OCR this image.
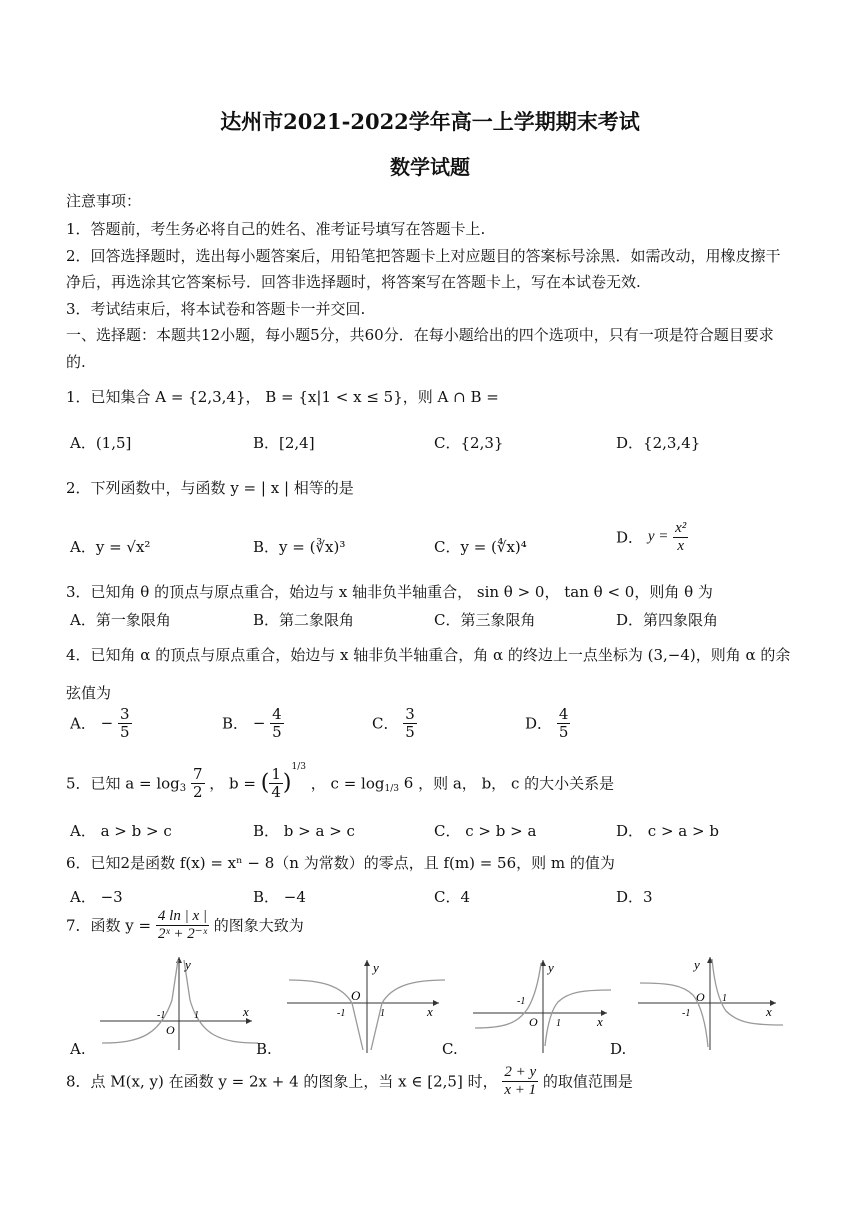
达州市2021-2022学年高一上学期期末考试
数学试题
注意事项：
1．答题前，考生务必将自己的姓名、准考证号填写在答题卡上.
2．回答选择题时，选出每小题答案后，用铅笔把答题卡上对应题目的答案标号涂黑．如需改动，用橡皮擦干
净后，再选涂其它答案标号．回答非选择题时，将答案写在答题卡上，写在本试卷无效.
3．考试结束后，将本试卷和答题卡一并交回.
一、选择题：本题共12小题，每小题5分，共60分．在每小题给出的四个选项中，只有一项是符合题目要求
的.
1．已知集合 A = {2,3,4}， B = {x|1 < x ≤ 5}，则 A ∩ B =
A．(1,5]	B．[2,4]	C．{2,3}	D．{2,3,4}
2．下列函数中，与函数 y = | x | 相等的是
A．y = √x²	B．y = (∛x)³	C．y = (∜x)⁴
D． $y = \frac{\text{x²}}{x}$
3．已知角 θ 的顶点与原点重合，始边与 x 轴非负半轴重合， sin θ > 0， tan θ < 0，则角 θ 为
A．第一象限角	B．第二象限角	C．第三象限角	D．第四象限角
4．已知角 α 的顶点与原点重合，始边与 x 轴非负半轴重合，角 α 的终边上一点坐标为 (3,−4)，则角 α 的余
弦值为
A． − $\frac{3}{5}$	B． − $\frac{4}{5}$	C． $\frac{3}{5}$	D． $\frac{4}{5}$
5．已知 $a = \log_3 \frac{7}{2}$ ， b = ( $\frac{1}{4} )^{1/3}$ ， $c = \log_{1/3} 6$ ，则 a， b， c 的大小关系是
A． a > b > c	B． b > a > c	C． c > b > a	D． c > a > b
6．已知2是函数 f(x) = xⁿ − 8（n 为常数）的零点，且 f(m) = 56，则 m 的值为
A． −3	B． −4	C．4	D．3
7．函数 $y = \frac{4 \ln | x |}{\text{2ˣ + 2⁻ˣ}}$ 的图象大致为
A.	B.	C.	D.
x
y
O
-1	1	x
y
O
-1	1
x
y
O
-1
1
x
y
O
-1
1
8．点 M(x, y) 在函数 y = 2x + 4 的图象上，当 x ∈ [2,5] 时， $\frac{2 + y}{x + 1}$ 的取值范围是
